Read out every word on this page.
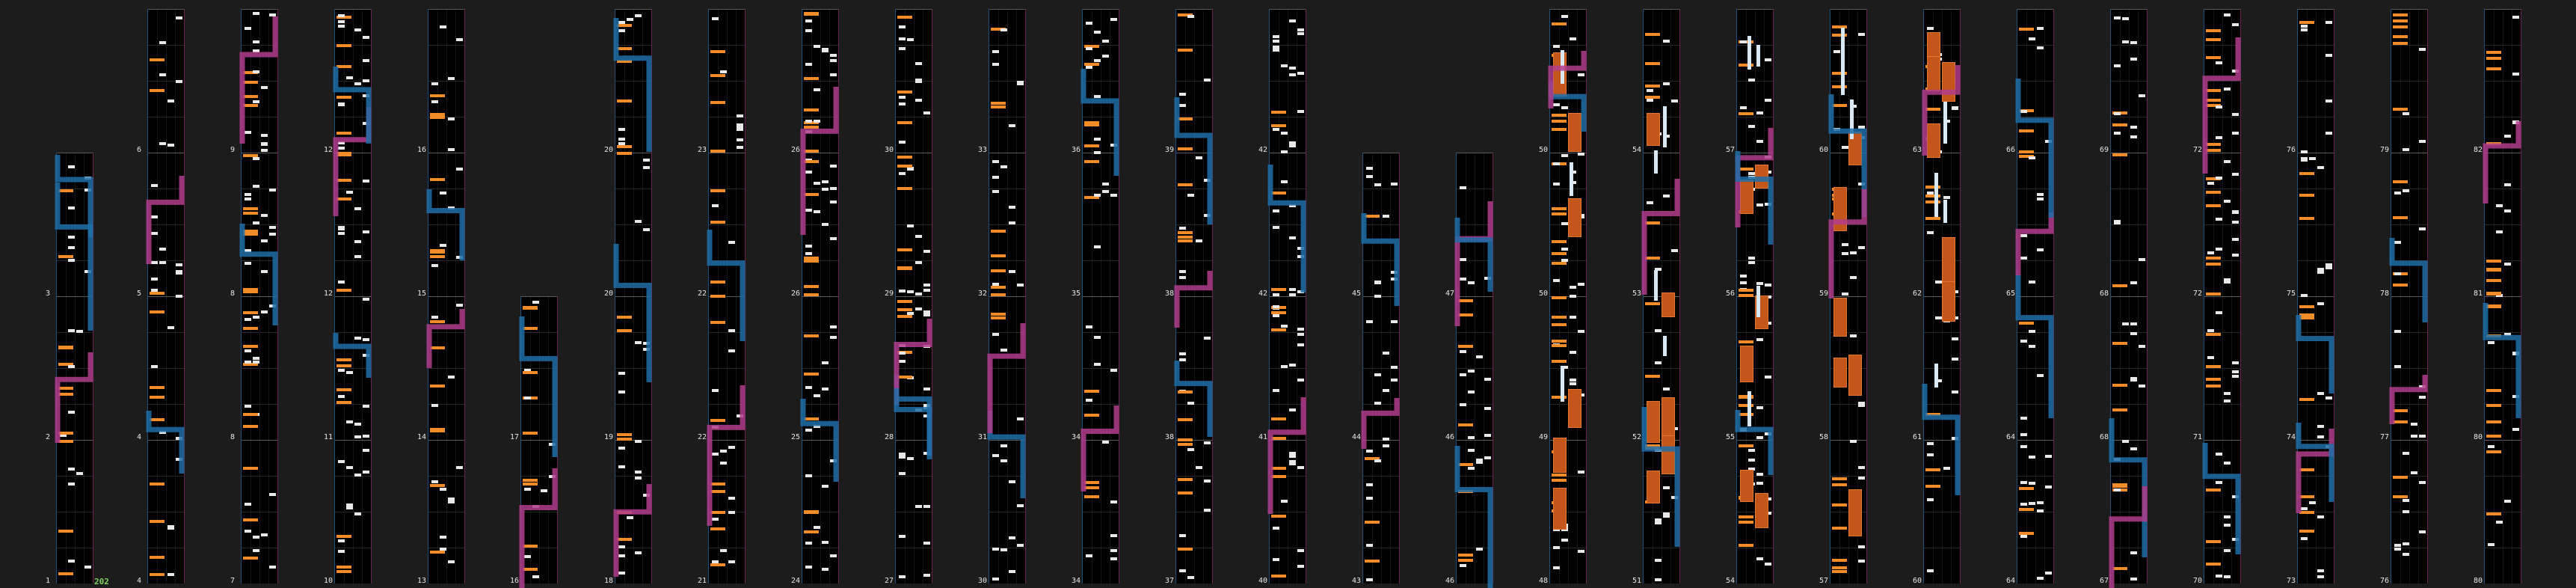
1
2
3
4
4
5
6
7
8
8
9
10
11
12
12
13
14
15
16
16
17
18
19
20
20
21
22
22
23
24
25
26
26
27
28
29
30
30
31
32
33
34
34
35
36
37
38
38
39
40
41
42
42
43
44
45
46
46
47
48
49
50
50
51
52
53
54
54
55
56
57
57
58
59
60
60
61
62
63
64
64
65
66
67
68
68
69
70
71
72
72
73
74
75
76
76
77
78
79
80
80
81
82
202
